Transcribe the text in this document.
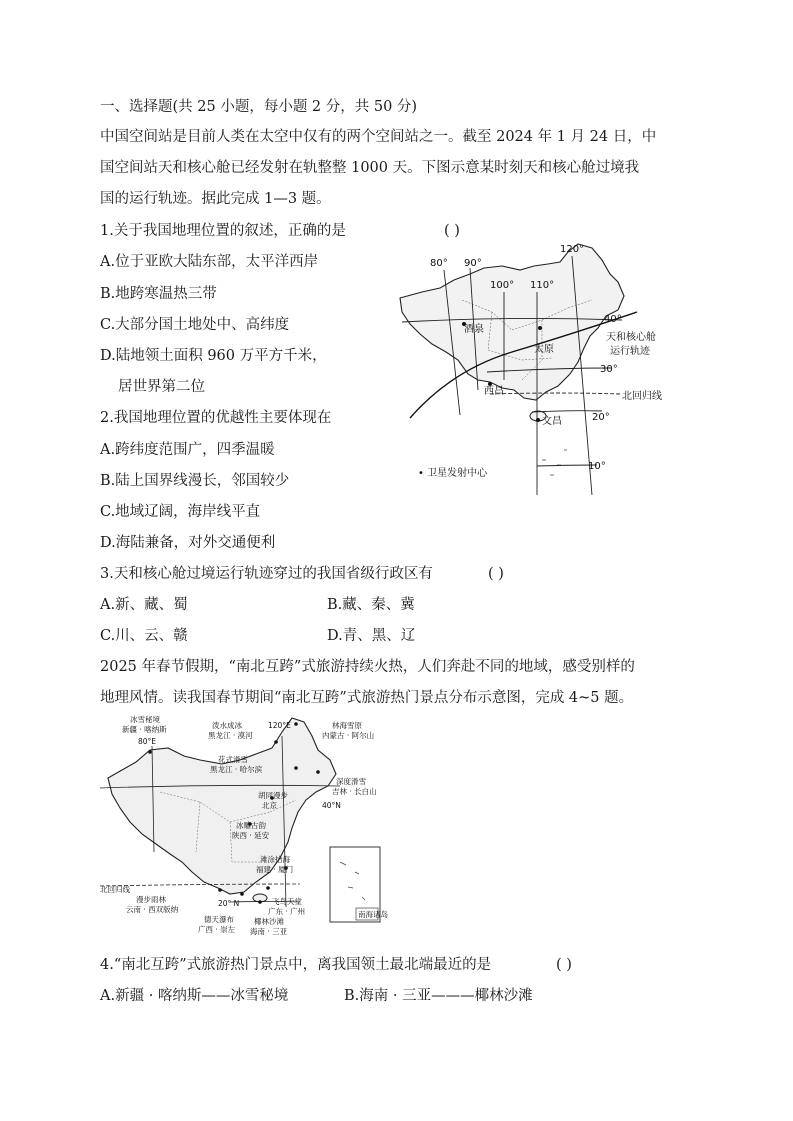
一、选择题(共 25 小题，每小题 2 分，共 50 分)
中国空间站是目前人类在太空中仅有的两个空间站之一。截至 2024 年 1 月 24 日，中
国空间站天和核心舱已经发射在轨整整 1000 天。下图示意某时刻天和核心舱过境我
国的运行轨迹。据此完成 1—3 题。
1.关于我国地理位置的叙述，正确的是	( )
A.位于亚欧大陆东部，太平洋西岸
B.地跨寒温热三带
C.大部分国土地处中、高纬度
D.陆地领土面积 960 万平方千米，
居世界第二位
2.我国地理位置的优越性主要体现在
A.跨纬度范围广，四季温暖
B.陆上国界线漫长，邻国较少
C.地域辽阔，海岸线平直
D.海陆兼备，对外交通便利
3.天和核心舱过境运行轨迹穿过的我国省级行政区有	( )
A.新、藏、蜀	B.藏、秦、冀
C.川、云、赣	D.青、黑、辽
2025 年春节假期，“南北互跨”式旅游持续火热，人们奔赴不同的地域，感受别样的
地理风情。读我国春节期间“南北互跨”式旅游热门景点分布示意图，完成 4~5 题。
4.“南北互跨”式旅游热门景点中，离我国领土最北端最近的是	( )
A.新疆 · 喀纳斯——冰雪秘境	B.海南 · 三亚———椰林沙滩
80° 90°
100° 110°
120°
40°
30°
20°
10°
酒泉
太原
西昌
文昌
天和核心舱
运行轨迹
北回归线
• 卫星发射中心
南海诸岛
冰雪秘境
新疆 · 喀纳斯
80°E
泼水成冰
黑龙江 · 漠河
120°E	林海雪原
内蒙古 · 阿尔山
花式滑雪
黑龙江 · 哈尔滨
深度滑雪
吉林 · 长白山
胡同漫步
北京	40°N
冰雕古韵
陕西 · 延安
滩涂拾海
福建 · 厦门
北回归线
漫步雨林
云南 · 西双版纳
20° N
德天瀑布
广西 · 崇左
飞鸟天堂
广东 · 广州
椰林沙滩
海南 · 三亚
